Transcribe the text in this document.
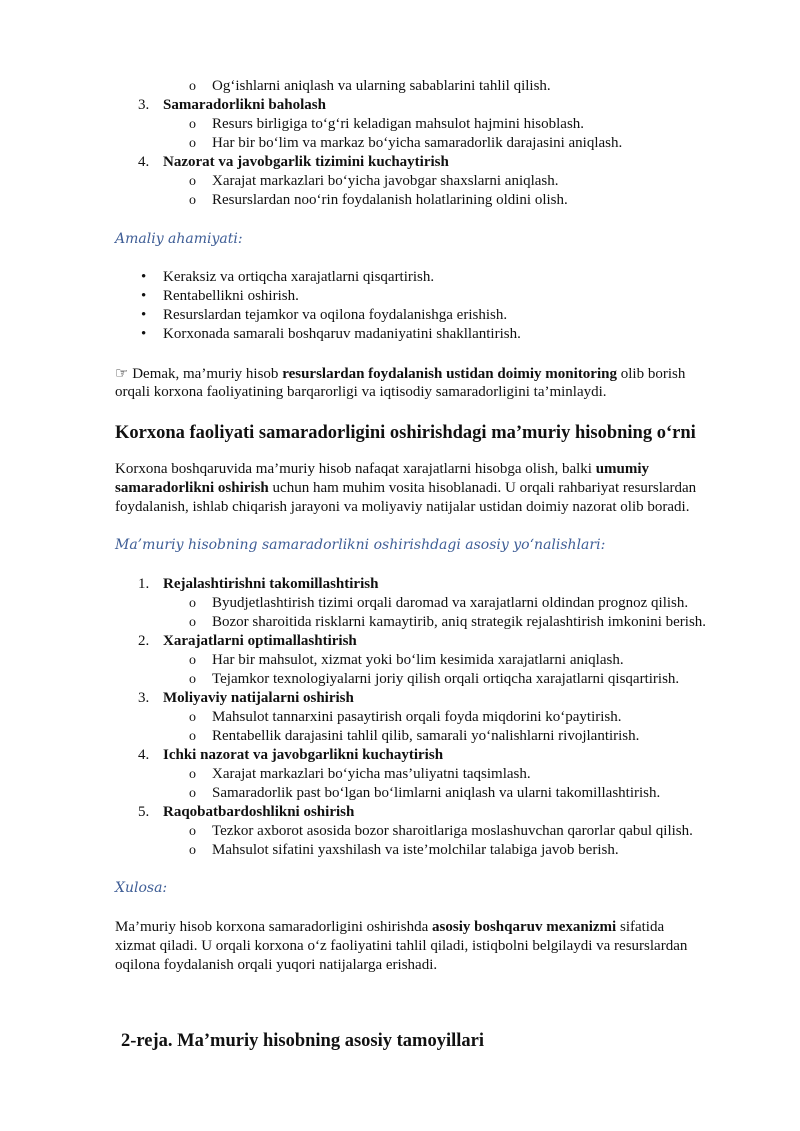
o Og‘ishlarni aniqlash va ularning sabablarini tahlil qilish.
3. Samaradorlikni baholash
o Resurs birligiga to‘g‘ri keladigan mahsulot hajmini hisoblash.
o Har bir bo‘lim va markaz bo‘yicha samaradorlik darajasini aniqlash.
4. Nazorat va javobgarlik tizimini kuchaytirish
o Xarajat markazlari bo‘yicha javobgar shaxslarni aniqlash.
o Resurslardan noo‘rin foydalanish holatlarining oldini olish.
Amaliy ahamiyati:
• Keraksiz va ortiqcha xarajatlarni qisqartirish.
• Rentabellikni oshirish.
• Resurslardan tejamkor va oqilona foydalanishga erishish.
• Korxonada samarali boshqaruv madaniyatini shakllantirish.
☞ Demak, ma’muriy hisob resurslardan foydalanish ustidan doimiy monitoring olib borish
orqali korxona faoliyatining barqarorligi va iqtisodiy samaradorligini ta’minlaydi.
Korxona faoliyati samaradorligini oshirishdagi ma’muriy hisobning o‘rni
Korxona boshqaruvida ma’muriy hisob nafaqat xarajatlarni hisobga olish, balki umumiy
samaradorlikni oshirish uchun ham muhim vosita hisoblanadi. U orqali rahbariyat resurslardan
foydalanish, ishlab chiqarish jarayoni va moliyaviy natijalar ustidan doimiy nazorat olib boradi.
Ma’muriy hisobning samaradorlikni oshirishdagi asosiy yo‘nalishlari:
1. Rejalashtirishni takomillashtirish
o Byudjetlashtirish tizimi orqali daromad va xarajatlarni oldindan prognoz qilish.
o Bozor sharoitida risklarni kamaytirib, aniq strategik rejalashtirish imkonini berish.
2. Xarajatlarni optimallashtirish
o Har bir mahsulot, xizmat yoki bo‘lim kesimida xarajatlarni aniqlash.
o Tejamkor texnologiyalarni joriy qilish orqali ortiqcha xarajatlarni qisqartirish.
3. Moliyaviy natijalarni oshirish
o Mahsulot tannarxini pasaytirish orqali foyda miqdorini ko‘paytirish.
o Rentabellik darajasini tahlil qilib, samarali yo‘nalishlarni rivojlantirish.
4. Ichki nazorat va javobgarlikni kuchaytirish
o Xarajat markazlari bo‘yicha mas’uliyatni taqsimlash.
o Samaradorlik past bo‘lgan bo‘limlarni aniqlash va ularni takomillashtirish.
5. Raqobatbardoshlikni oshirish
o Tezkor axborot asosida bozor sharoitlariga moslashuvchan qarorlar qabul qilish.
o Mahsulot sifatini yaxshilash va iste’molchilar talabiga javob berish.
Xulosa:
Ma’muriy hisob korxona samaradorligini oshirishda asosiy boshqaruv mexanizmi sifatida
xizmat qiladi. U orqali korxona o‘z faoliyatini tahlil qiladi, istiqbolni belgilaydi va resurslardan
oqilona foydalanish orqali yuqori natijalarga erishadi.
2-reja. Ma’muriy hisobning asosiy tamoyillari
